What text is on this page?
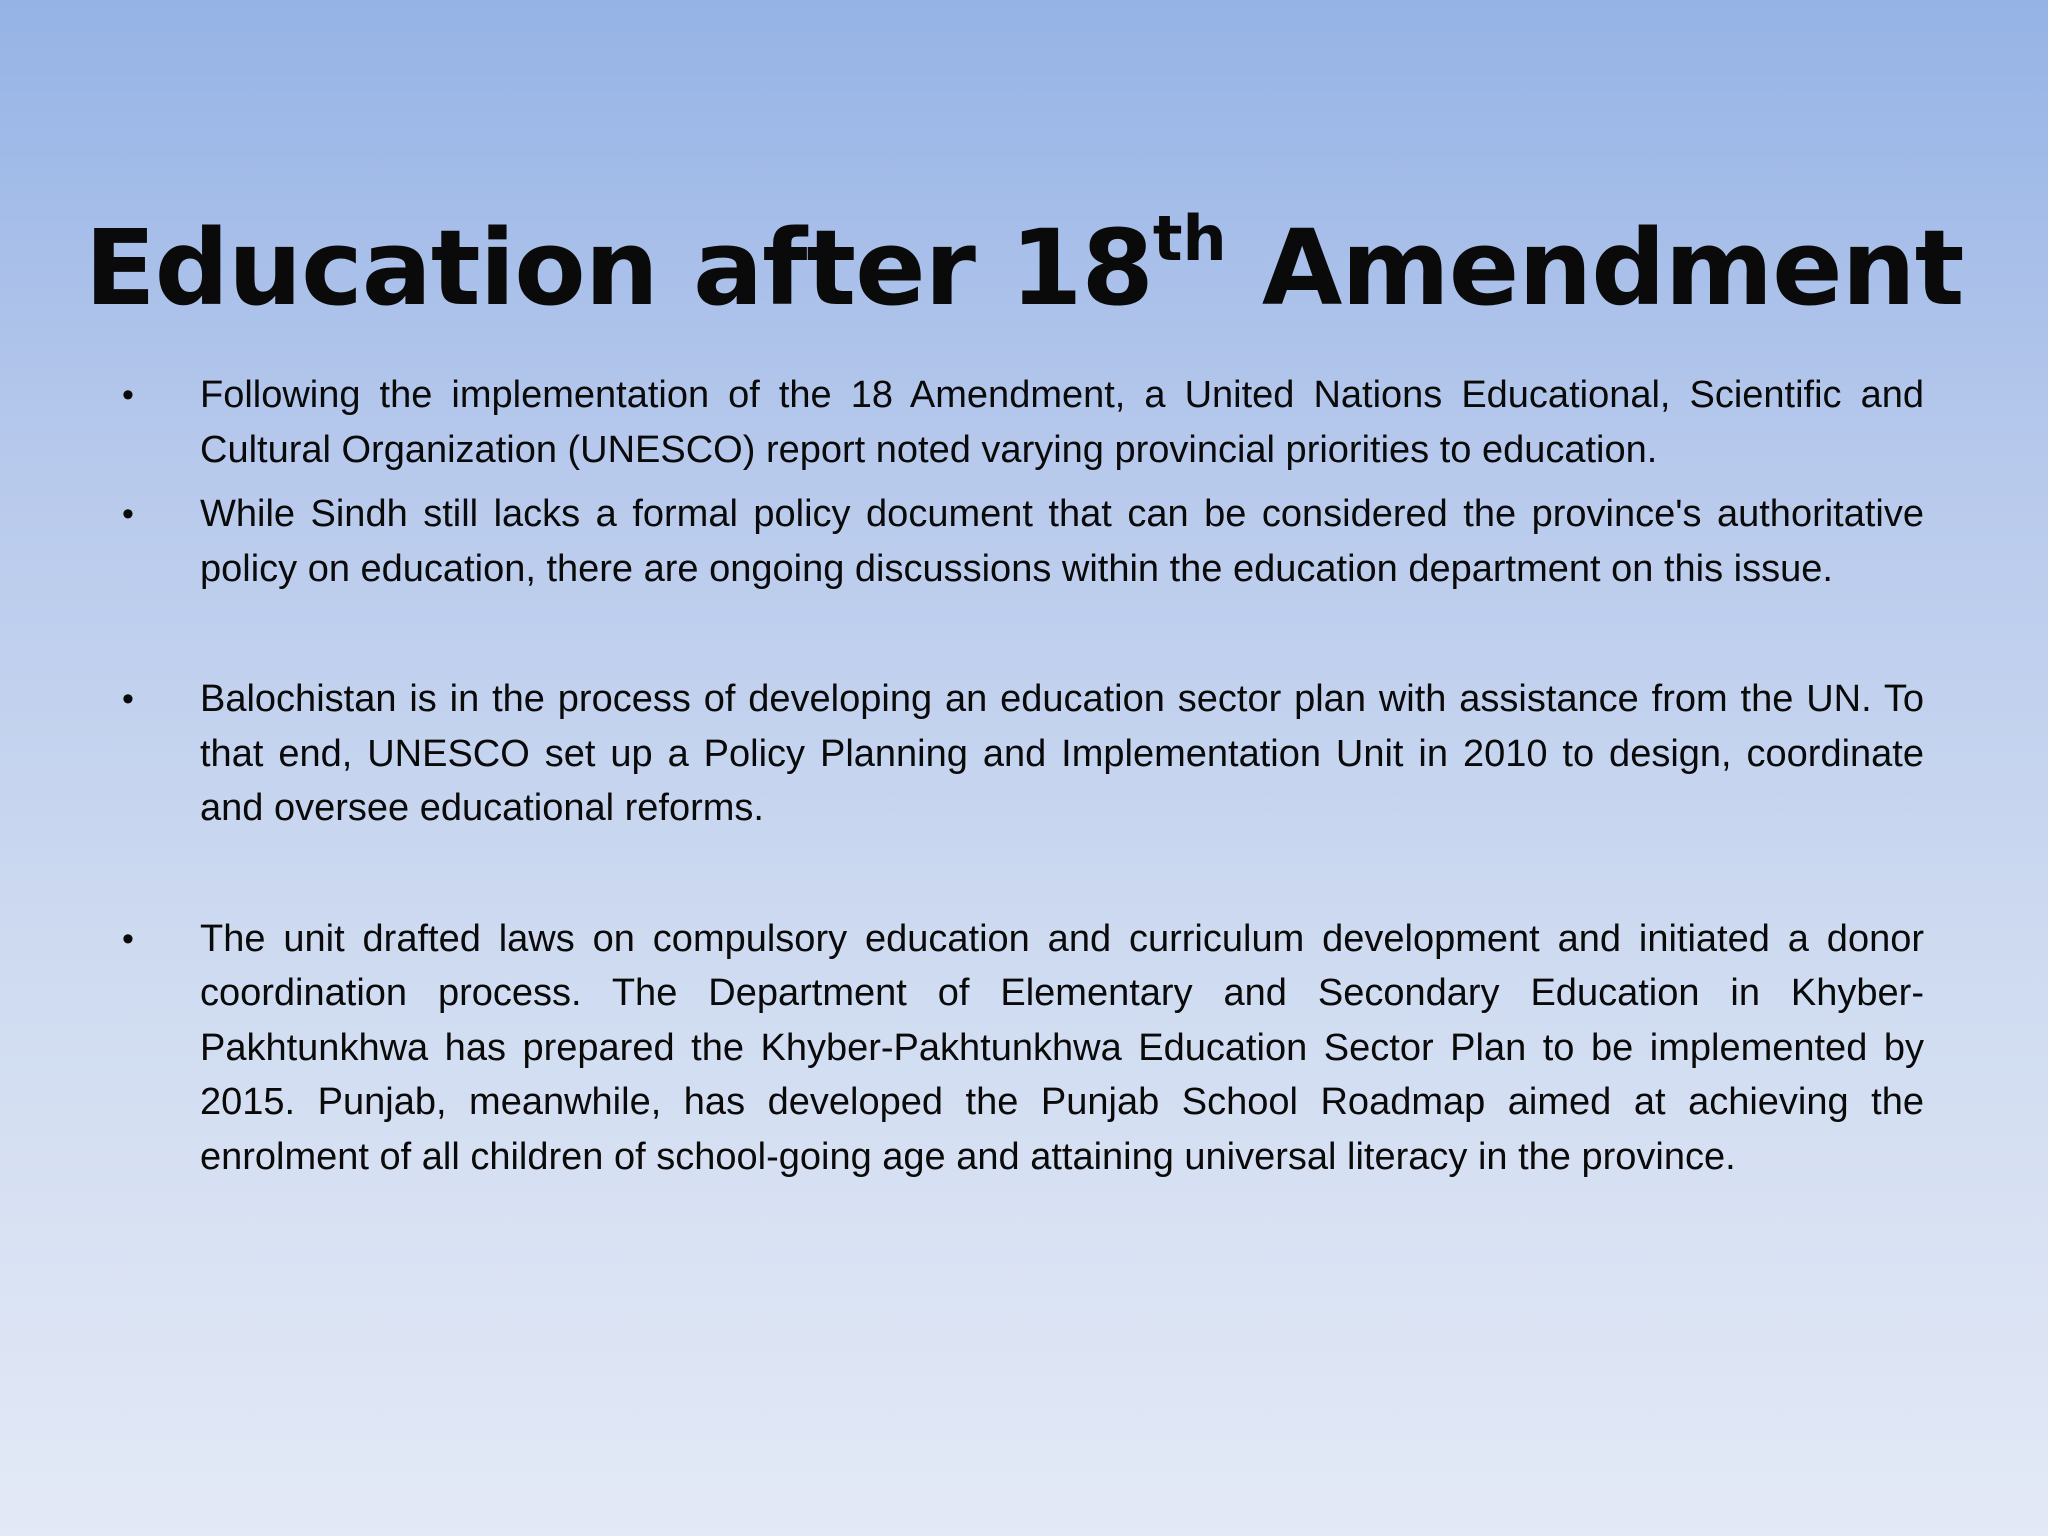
Education after 18th Amendment
• Following the implementation of the 18 Amendment, a United Nations Educational, Scientific and Cultural Organization (UNESCO) report noted varying provincial priorities to education.
• While Sindh still lacks a formal policy document that can be considered the province's authoritative policy on education, there are ongoing discussions within the education department on this issue.
• Balochistan is in the process of developing an education sector plan with assistance from the UN. To that end, UNESCO set up a Policy Planning and Implementation Unit in 2010 to design, coordinate and oversee educational reforms.
• The unit drafted laws on compulsory education and curriculum development and initiated a donor coordination process. The Department of Elementary and Secondary Education in Khyber-Pakhtunkhwa has prepared the Khyber-Pakhtunkhwa Education Sector Plan to be implemented by 2015. Punjab, meanwhile, has developed the Punjab School Roadmap aimed at achieving the enrolment of all children of school-going age and attaining universal literacy in the province.
